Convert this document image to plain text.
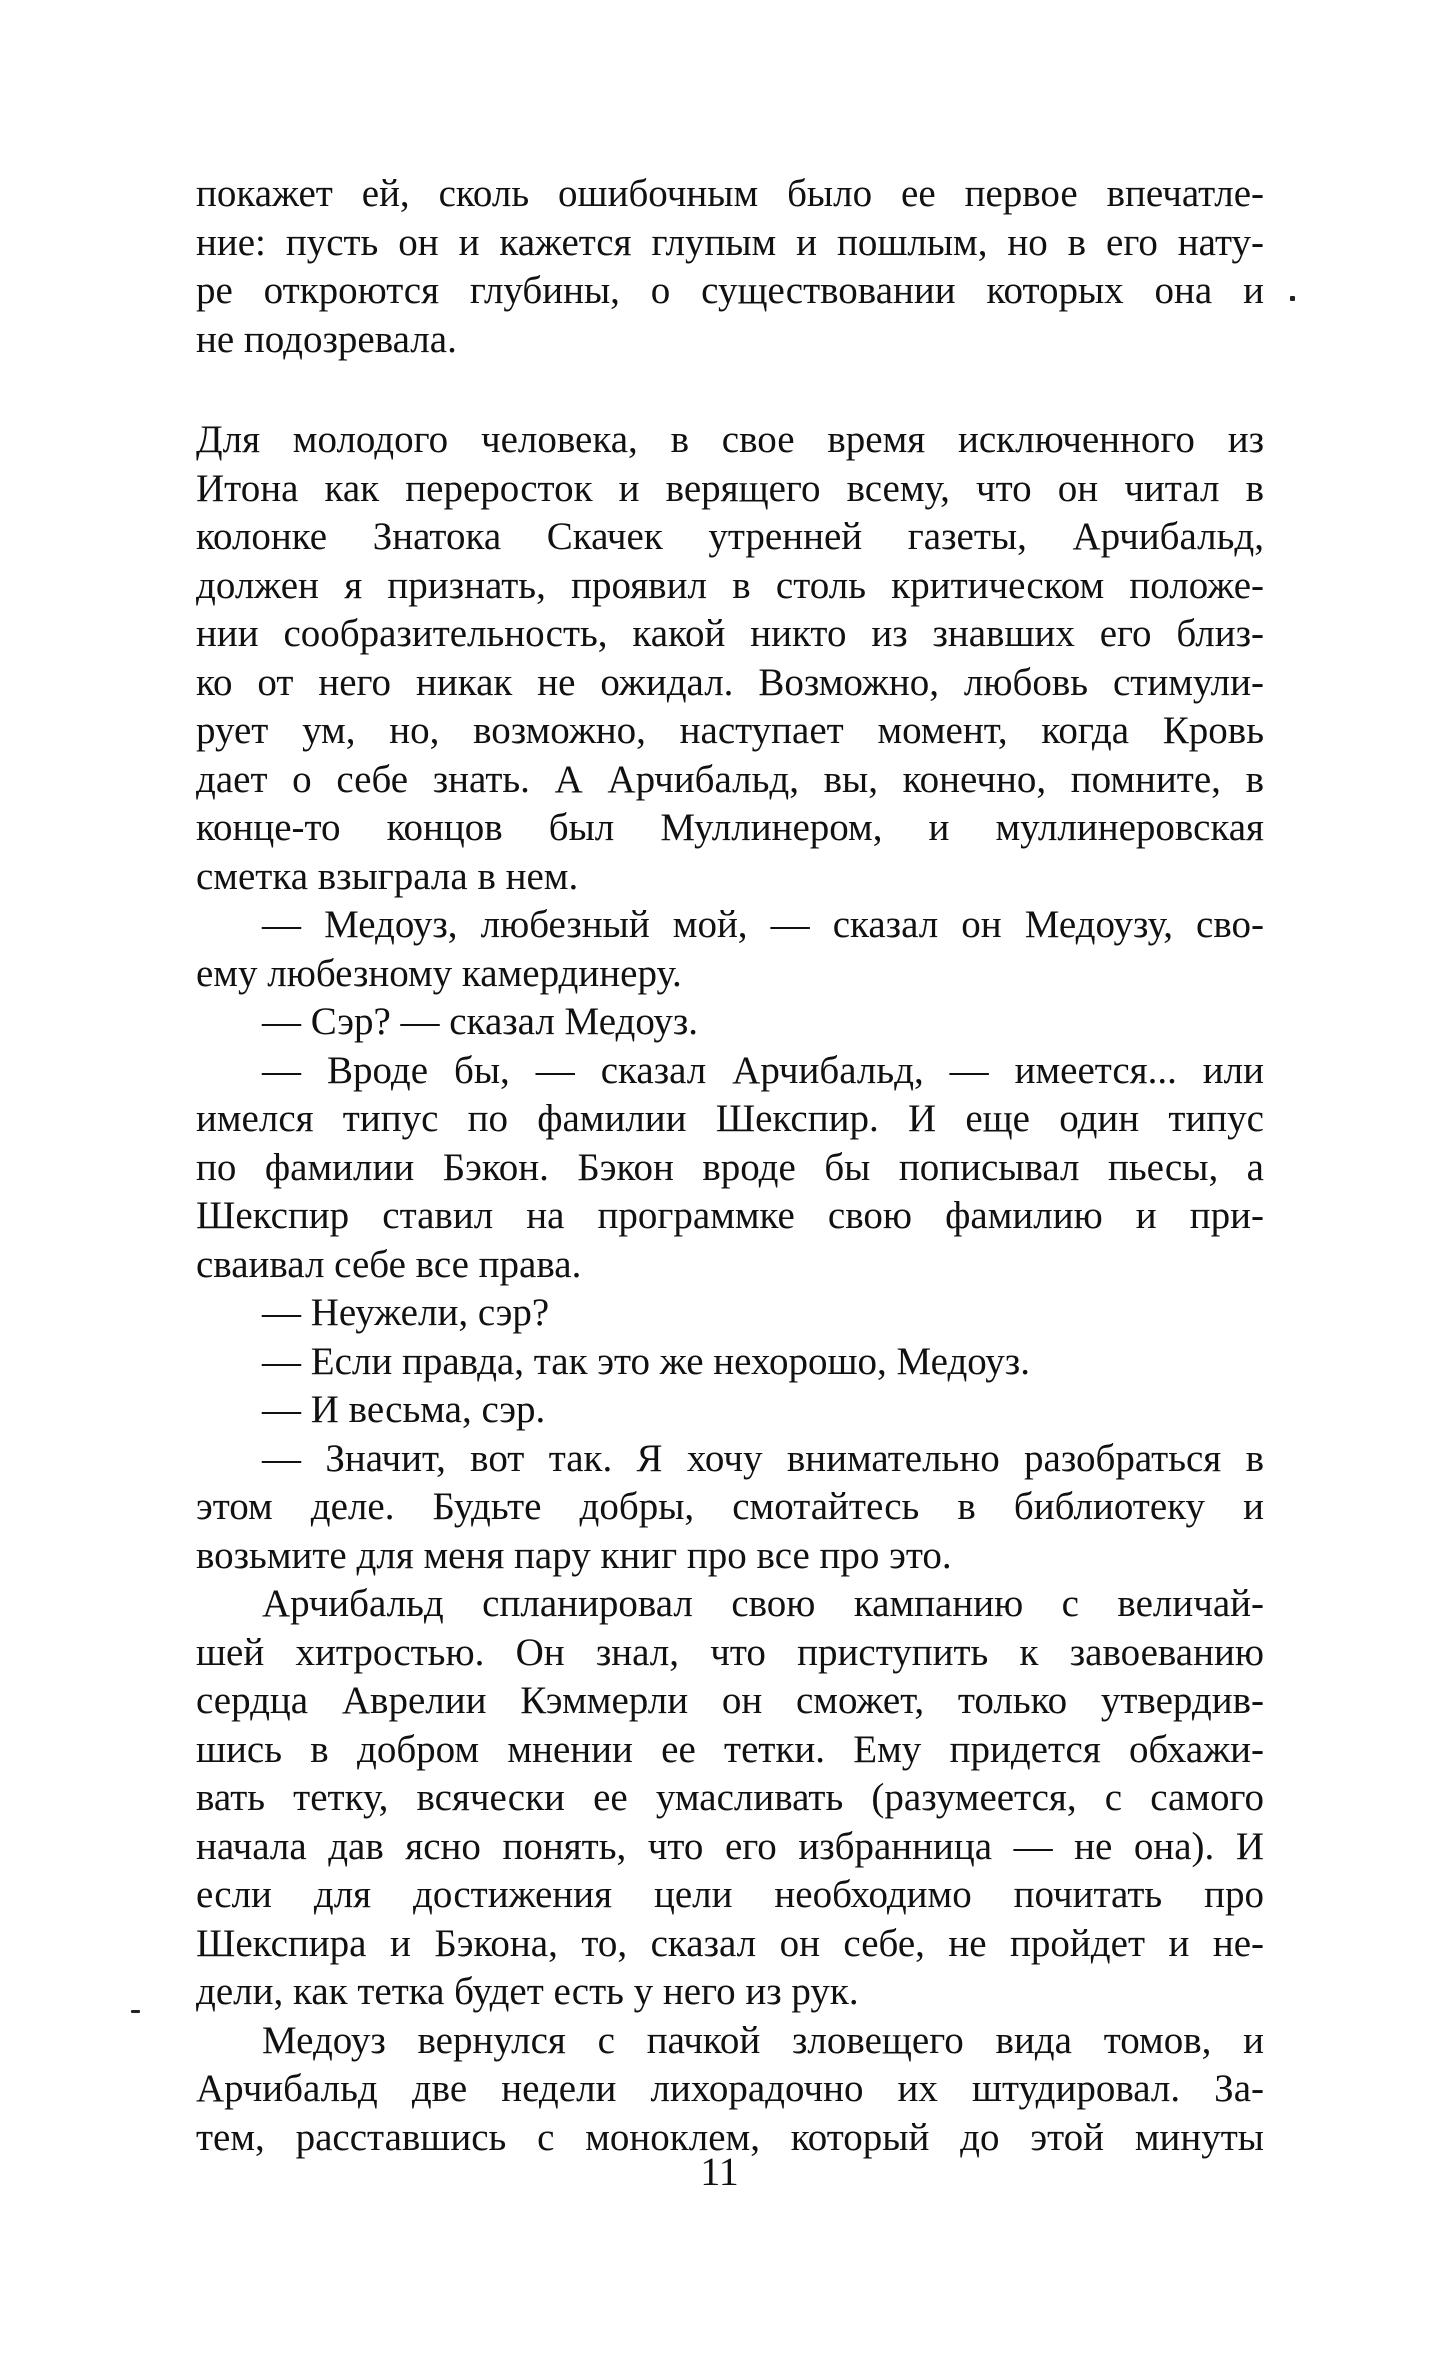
покажет ей, сколь ошибочным было ее первое впечатле-
ние: пусть он и кажется глупым и пошлым, но в его нату-
ре откроются глубины, о существовании которых она и
не подозревала.
Для молодого человека, в свое время исключенного из
Итона как переросток и верящего всему, что он читал в
колонке Знатока Скачек утренней газеты, Арчибальд,
должен я признать, проявил в столь критическом положе-
нии сообразительность, какой никто из знавших его близ-
ко от него никак не ожидал. Возможно, любовь стимули-
рует ум, но, возможно, наступает момент, когда Кровь
дает о себе знать. А Арчибальд, вы, конечно, помните, в
конце-то концов был Муллинером, и муллинеровская
сметка взыграла в нем.
— Медоуз, любезный мой, — сказал он Медоузу, сво-
ему любезному камердинеру.
— Сэр? — сказал Медоуз.
— Вроде бы, — сказал Арчибальд, — имеется... или
имелся типус по фамилии Шекспир. И еще один типус
по фамилии Бэкон. Бэкон вроде бы пописывал пьесы, а
Шекспир ставил на программке свою фамилию и при-
сваивал себе все права.
— Неужели, сэр?
— Если правда, так это же нехорошо, Медоуз.
— И весьма, сэр.
— Значит, вот так. Я хочу внимательно разобраться в
этом деле. Будьте добры, смотайтесь в библиотеку и
возьмите для меня пару книг про все про это.
Арчибальд спланировал свою кампанию с величай-
шей хитростью. Он знал, что приступить к завоеванию
сердца Аврелии Кэммерли он сможет, только утвердив-
шись в добром мнении ее тетки. Ему придется обхажи-
вать тетку, всячески ее умасливать (разумеется, с самого
начала дав ясно понять, что его избранница — не она). И
если для достижения цели необходимо почитать про
Шекспира и Бэкона, то, сказал он себе, не пройдет и не-
дели, как тетка будет есть у него из рук.
Медоуз вернулся с пачкой зловещего вида томов, и
Арчибальд две недели лихорадочно их штудировал. За-
тем, расставшись с моноклем, который до этой минуты
11
